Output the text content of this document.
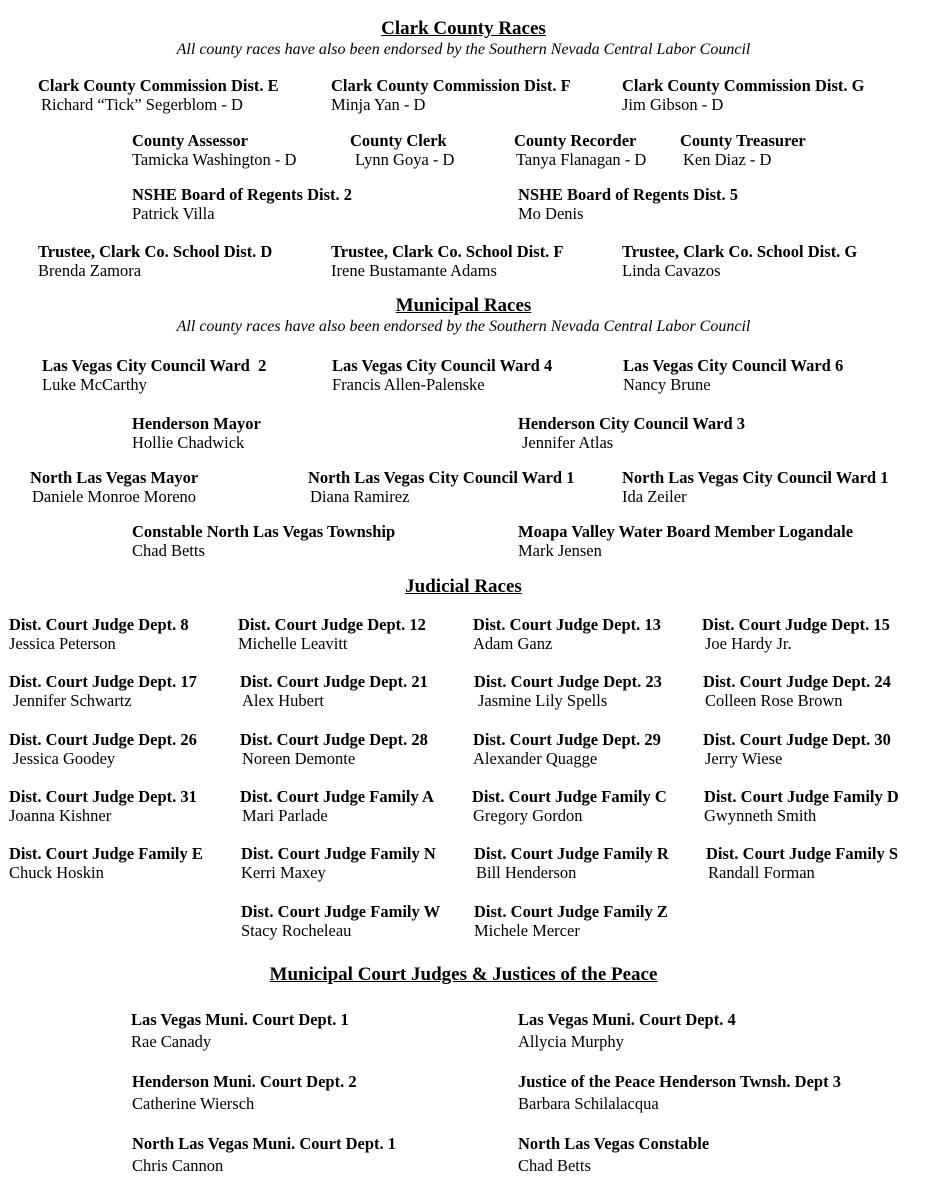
Clark County Races
All county races have also been endorsed by the Southern Nevada Central Labor Council
Clark County Commission Dist. E
Richard “Tick” Segerblom - D
Clark County Commission Dist. F
Minja Yan - D
Clark County Commission Dist. G
Jim Gibson - D
County Assessor
Tamicka Washington - D
County Clerk
Lynn Goya - D
County Recorder
Tanya Flanagan - D
County Treasurer
Ken Diaz - D
NSHE Board of Regents Dist. 2
Patrick Villa
NSHE Board of Regents Dist. 5
Mo Denis
Trustee, Clark Co. School Dist. D
Brenda Zamora
Trustee, Clark Co. School Dist. F
Irene Bustamante Adams
Trustee, Clark Co. School Dist. G
Linda Cavazos
Municipal Races
All county races have also been endorsed by the Southern Nevada Central Labor Council
Las Vegas City Council Ward  2
Luke McCarthy
Las Vegas City Council Ward 4
Francis Allen-Palenske
Las Vegas City Council Ward 6
Nancy Brune
Henderson Mayor
Hollie Chadwick
Henderson City Council Ward 3
Jennifer Atlas
North Las Vegas Mayor
Daniele Monroe Moreno
North Las Vegas City Council Ward 1
Diana Ramirez
North Las Vegas City Council Ward 1
Ida Zeiler
Constable North Las Vegas Township
Chad Betts
Moapa Valley Water Board Member Logandale
Mark Jensen
Judicial Races
Dist. Court Judge Dept. 8
Jessica Peterson
Dist. Court Judge Dept. 12
Michelle Leavitt
Dist. Court Judge Dept. 13
Adam Ganz
Dist. Court Judge Dept. 15
Joe Hardy Jr.
Dist. Court Judge Dept. 17
Jennifer Schwartz
Dist. Court Judge Dept. 21
Alex Hubert
Dist. Court Judge Dept. 23
Jasmine Lily Spells
Dist. Court Judge Dept. 24
Colleen Rose Brown
Dist. Court Judge Dept. 26
Jessica Goodey
Dist. Court Judge Dept. 28
Noreen Demonte
Dist. Court Judge Dept. 29
Alexander Quagge
Dist. Court Judge Dept. 30
Jerry Wiese
Dist. Court Judge Dept. 31
Joanna Kishner
Dist. Court Judge Family A
Mari Parlade
Dist. Court Judge Family C
Gregory Gordon
Dist. Court Judge Family D
Gwynneth Smith
Dist. Court Judge Family E
Chuck Hoskin
Dist. Court Judge Family N
Kerri Maxey
Dist. Court Judge Family R
Bill Henderson
Dist. Court Judge Family S
Randall Forman
Dist. Court Judge Family W
Stacy Rocheleau
Dist. Court Judge Family Z
Michele Mercer
Municipal Court Judges & Justices of the Peace
Las Vegas Muni. Court Dept. 1
Rae Canady
Las Vegas Muni. Court Dept. 4
Allycia Murphy
Henderson Muni. Court Dept. 2
Catherine Wiersch
Justice of the Peace Henderson Twnsh. Dept 3
Barbara Schilalacqua
North Las Vegas Muni. Court Dept. 1
Chris Cannon
North Las Vegas Constable
Chad Betts
